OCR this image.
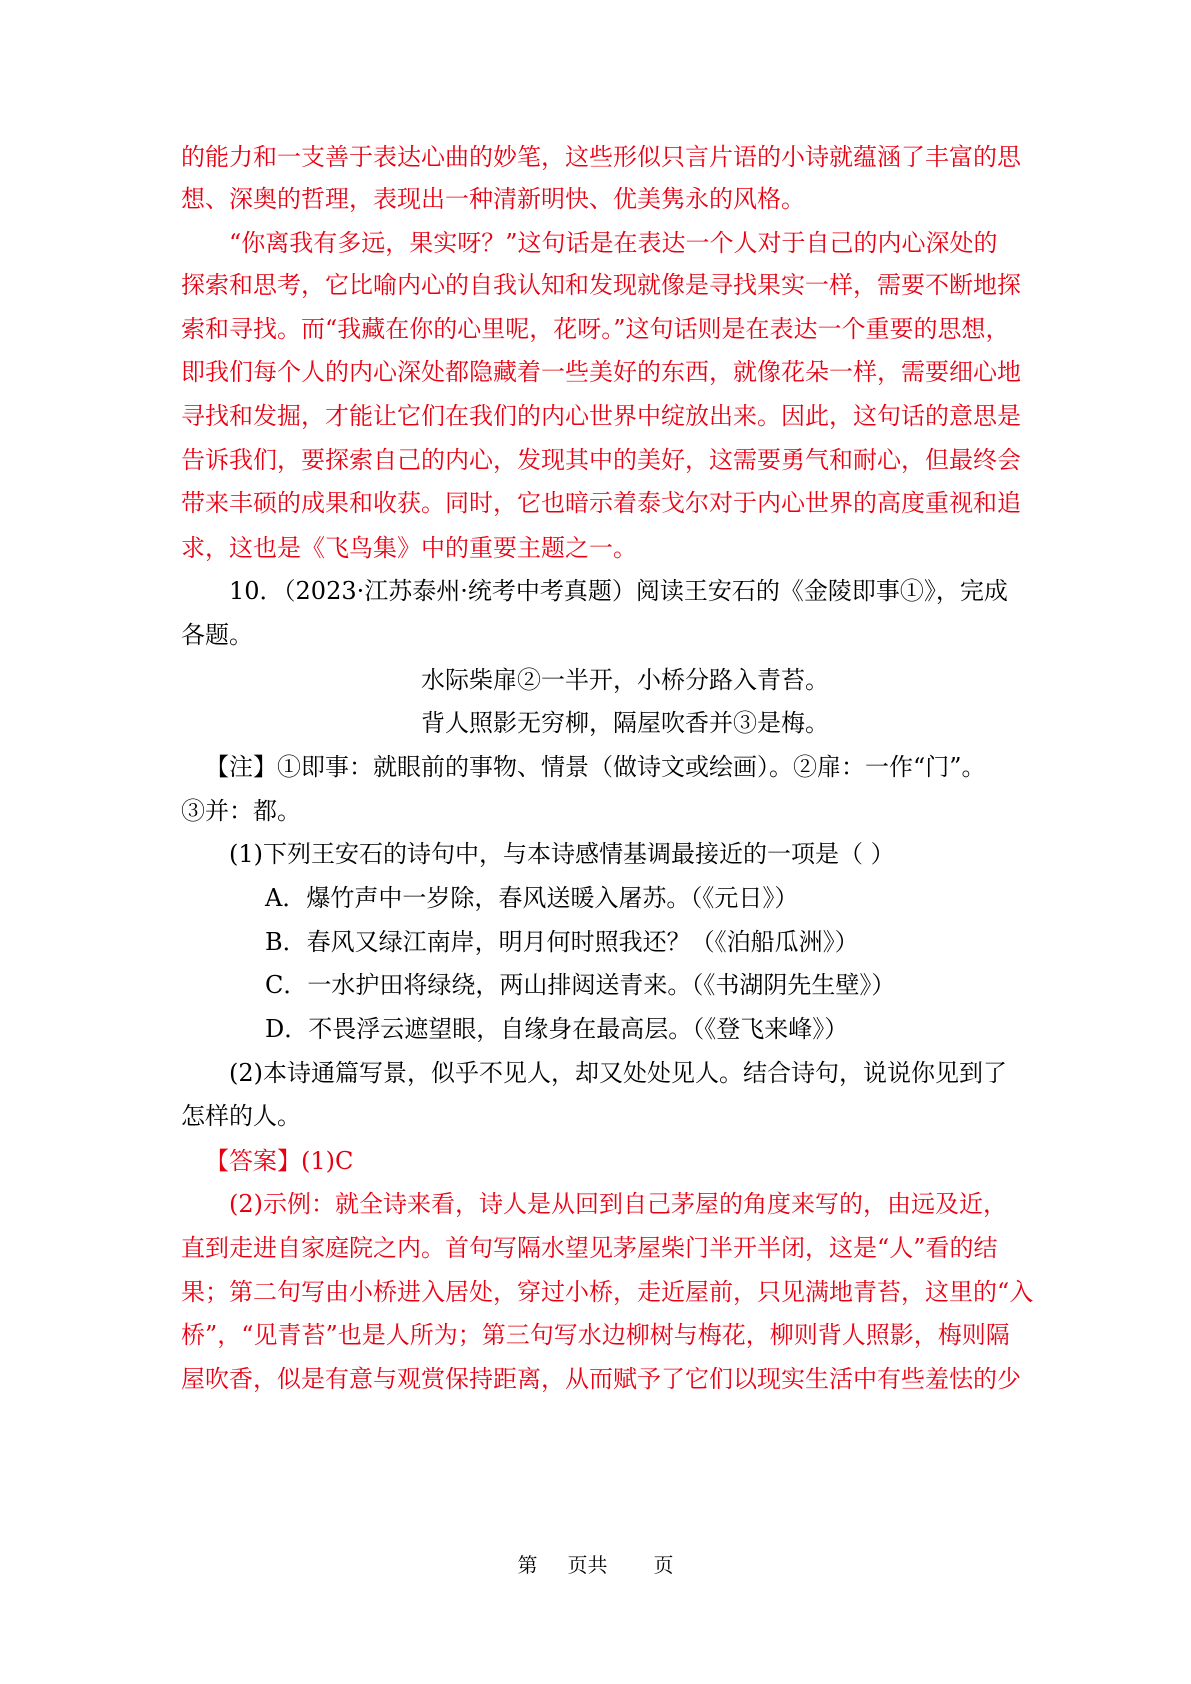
的能力和一支善于表达心曲的妙笔，这些形似只言片语的小诗就蕴涵了丰富的思
想、深奥的哲理，表现出一种清新明快、优美隽永的风格。
“你离我有多远，果实呀？”这句话是在表达一个人对于自己的内心深处的
探索和思考，它比喻内心的自我认知和发现就像是寻找果实一样，需要不断地探
索和寻找。而“我藏在你的心里呢，花呀。”这句话则是在表达一个重要的思想，
即我们每个人的内心深处都隐藏着一些美好的东西，就像花朵一样，需要细心地
寻找和发掘，才能让它们在我们的内心世界中绽放出来。因此，这句话的意思是
告诉我们，要探索自己的内心，发现其中的美好，这需要勇气和耐心，但最终会
带来丰硕的成果和收获。同时，它也暗示着泰戈尔对于内心世界的高度重视和追
求，这也是《飞鸟集》中的重要主题之一。
10．（2023·江苏泰州·统考中考真题）阅读王安石的《金陵即事①》，完成
各题。
水际柴扉②一半开，小桥分路入青苔。
背人照影无穷柳，隔屋吹香并③是梅。
【注】①即事：就眼前的事物、情景（做诗文或绘画）。②扉：一作“门”。
③并：都。
(1)下列王安石的诗句中，与本诗感情基调最接近的一项是（ ）
A．爆竹声中一岁除，春风送暖入屠苏。（《元日》）
B．春风又绿江南岸，明月何时照我还？（《泊船瓜洲》）
C．一水护田将绿绕，两山排闼送青来。（《书湖阴先生壁》）
D．不畏浮云遮望眼，自缘身在最高层。（《登飞来峰》）
(2)本诗通篇写景，似乎不见人，却又处处见人。结合诗句，说说你见到了
怎样的人。
【答案】(1)C
(2)示例：就全诗来看，诗人是从回到自己茅屋的角度来写的，由远及近，
直到走进自家庭院之内。首句写隔水望见茅屋柴门半开半闭，这是“人”看的结
果；第二句写由小桥进入居处，穿过小桥，走近屋前，只见满地青苔，这里的“入
桥”，“见青苔”也是人所为；第三句写水边柳树与梅花，柳则背人照影，梅则隔
屋吹香，似是有意与观赏保持距离，从而赋予了它们以现实生活中有些羞怯的少
第 页共 页
